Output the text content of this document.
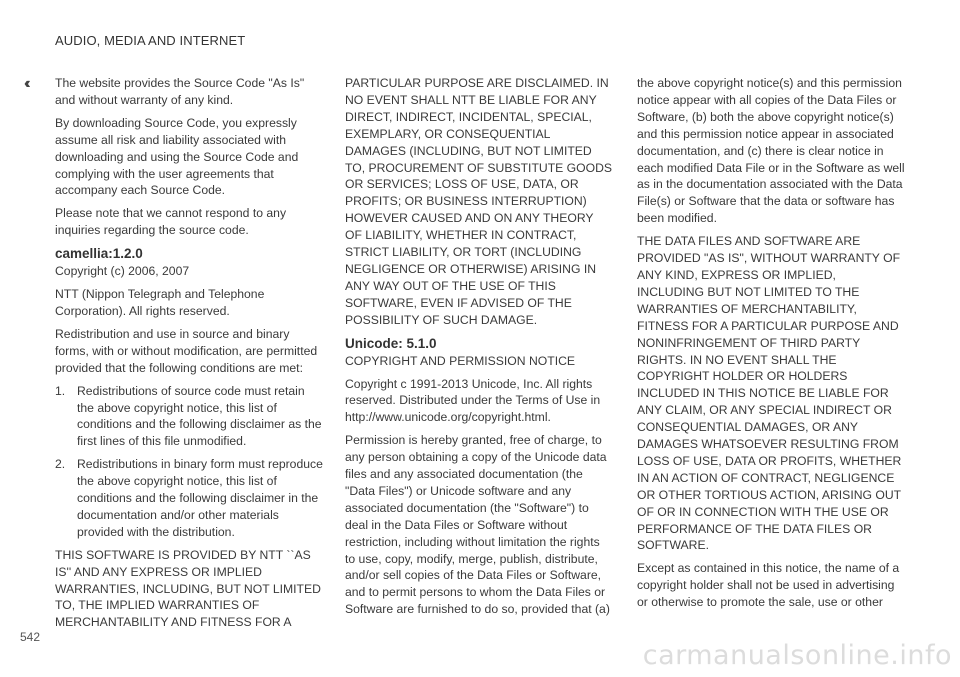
AUDIO, MEDIA AND INTERNET
‹‹ The website provides the Source Code "As Is" and without warranty of any kind.

By downloading Source Code, you expressly assume all risk and liability associated with downloading and using the Source Code and complying with the user agreements that accompany each Source Code.

Please note that we cannot respond to any inquiries regarding the source code.

camellia:1.2.0

Copyright (c) 2006, 2007

NTT (Nippon Telegraph and Telephone Corporation). All rights reserved.

Redistribution and use in source and binary forms, with or without modification, are permitted provided that the following conditions are met:

1. Redistributions of source code must retain the above copyright notice, this list of conditions and the following disclaimer as the first lines of this file unmodified.
2. Redistributions in binary form must reproduce the above copyright notice, this list of conditions and the following disclaimer in the documentation and/or other materials provided with the distribution.

THIS SOFTWARE IS PROVIDED BY NTT ``AS IS'' AND ANY EXPRESS OR IMPLIED WARRANTIES, INCLUDING, BUT NOT LIMITED TO, THE IMPLIED WARRANTIES OF MERCHANTABILITY AND FITNESS FOR A

PARTICULAR PURPOSE ARE DISCLAIMED. IN NO EVENT SHALL NTT BE LIABLE FOR ANY DIRECT, INDIRECT, INCIDENTAL, SPECIAL, EXEMPLARY, OR CONSEQUENTIAL DAMAGES (INCLUDING, BUT NOT LIMITED TO, PROCUREMENT OF SUBSTITUTE GOODS OR SERVICES; LOSS OF USE, DATA, OR PROFITS; OR BUSINESS INTERRUPTION) HOWEVER CAUSED AND ON ANY THEORY OF LIABILITY, WHETHER IN CONTRACT, STRICT LIABILITY, OR TORT (INCLUDING NEGLIGENCE OR OTHERWISE) ARISING IN ANY WAY OUT OF THE USE OF THIS SOFTWARE, EVEN IF ADVISED OF THE POSSIBILITY OF SUCH DAMAGE.

Unicode: 5.1.0

COPYRIGHT AND PERMISSION NOTICE

Copyright c 1991-2013 Unicode, Inc. All rights reserved. Distributed under the Terms of Use in http://www.unicode.org/copyright.html.

Permission is hereby granted, free of charge, to any person obtaining a copy of the Unicode data files and any associated documentation (the "Data Files") or Unicode software and any associated documentation (the "Software") to deal in the Data Files or Software without restriction, including without limitation the rights to use, copy, modify, merge, publish, distribute, and/or sell copies of the Data Files or Software, and to permit persons to whom the Data Files or Software are furnished to do so, provided that (a)

the above copyright notice(s) and this permission notice appear with all copies of the Data Files or Software, (b) both the above copyright notice(s) and this permission notice appear in associated documentation, and (c) there is clear notice in each modified Data File or in the Software as well as in the documentation associated with the Data File(s) or Software that the data or software has been modified.

THE DATA FILES AND SOFTWARE ARE PROVIDED "AS IS", WITHOUT WARRANTY OF ANY KIND, EXPRESS OR IMPLIED, INCLUDING BUT NOT LIMITED TO THE WARRANTIES OF MERCHANTABILITY, FITNESS FOR A PARTICULAR PURPOSE AND NONINFRINGEMENT OF THIRD PARTY RIGHTS. IN NO EVENT SHALL THE COPYRIGHT HOLDER OR HOLDERS INCLUDED IN THIS NOTICE BE LIABLE FOR ANY CLAIM, OR ANY SPECIAL INDIRECT OR CONSEQUENTIAL DAMAGES, OR ANY DAMAGES WHATSOEVER RESULTING FROM LOSS OF USE, DATA OR PROFITS, WHETHER IN AN ACTION OF CONTRACT, NEGLIGENCE OR OTHER TORTIOUS ACTION, ARISING OUT OF OR IN CONNECTION WITH THE USE OR PERFORMANCE OF THE DATA FILES OR SOFTWARE.

Except as contained in this notice, the name of a copyright holder shall not be used in advertising or otherwise to promote the sale, use or other

542
carmanualsonline.info
